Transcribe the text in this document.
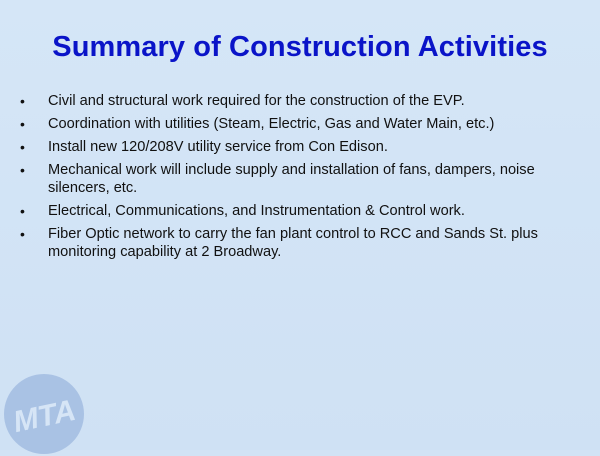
Summary of Construction Activities
• Civil and structural work required for the construction of the EVP.
• Coordination with utilities (Steam, Electric, Gas and Water Main, etc.)
• Install new 120/208V utility service from Con Edison.
• Mechanical work will include supply and installation of fans, dampers, noise silencers, etc.
• Electrical, Communications, and Instrumentation & Control work.
• Fiber Optic network to carry the fan plant control to RCC and Sands St. plus monitoring capability at 2 Broadway.
MTA
